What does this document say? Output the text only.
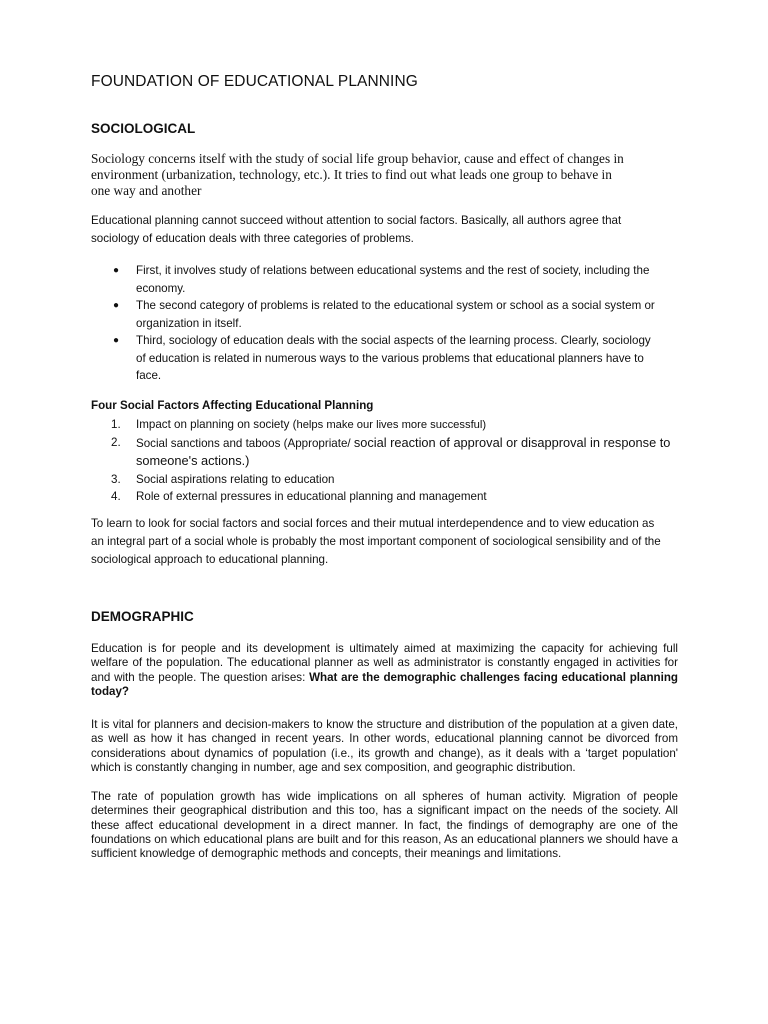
FOUNDATION OF EDUCATIONAL PLANNING
SOCIOLOGICAL

Sociology concerns itself with the study of social life group behavior, cause and effect of changes in environment (urbanization, technology, etc.). It tries to find out what leads one group to behave in one way and another

Educational planning cannot succeed without attention to social factors. Basically, all authors agree that sociology of education deals with three categories of problems.

● First, it involves study of relations between educational systems and the rest of society, including the economy.
● The second category of problems is related to the educational system or school as a social system or organization in itself.
● Third, sociology of education deals with the social aspects of the learning process. Clearly, sociology of education is related in numerous ways to the various problems that educational planners have to face.
Four Social Factors Affecting Educational Planning
1. Impact on planning on society (helps make our lives more successful)
2. Social sanctions and taboos (Appropriate/ social reaction of approval or disapproval in response to someone's actions.)
3. Social aspirations relating to education
4. Role of external pressures in educational planning and management

To learn to look for social factors and social forces and their mutual interdependence and to view education as an integral part of a social whole is probably the most important component of sociological sensibility and of the sociological approach to educational planning.

DEMOGRAPHIC

Education is for people and its development is ultimately aimed at maximizing the capacity for achieving full welfare of the population. The educational planner as well as administrator is constantly engaged in activities for and with the people. The question arises: What are the demographic challenges facing educational planning today?

It is vital for planners and decision-makers to know the structure and distribution of the population at a given date, as well as how it has changed in recent years. In other words, educational planning cannot be divorced from considerations about dynamics of population (i.e., its growth and change), as it deals with a ‘target population' which is constantly changing in number, age and sex composition, and geographic distribution.

The rate of population growth has wide implications on all spheres of human activity. Migration of people determines their geographical distribution and this too, has a significant impact on the needs of the society. All these affect educational development in a direct manner. In fact, the findings of demography are one of the foundations on which educational plans are built and for this reason, As an educational planners we should have a sufficient knowledge of demographic methods and concepts, their meanings and limitations.
